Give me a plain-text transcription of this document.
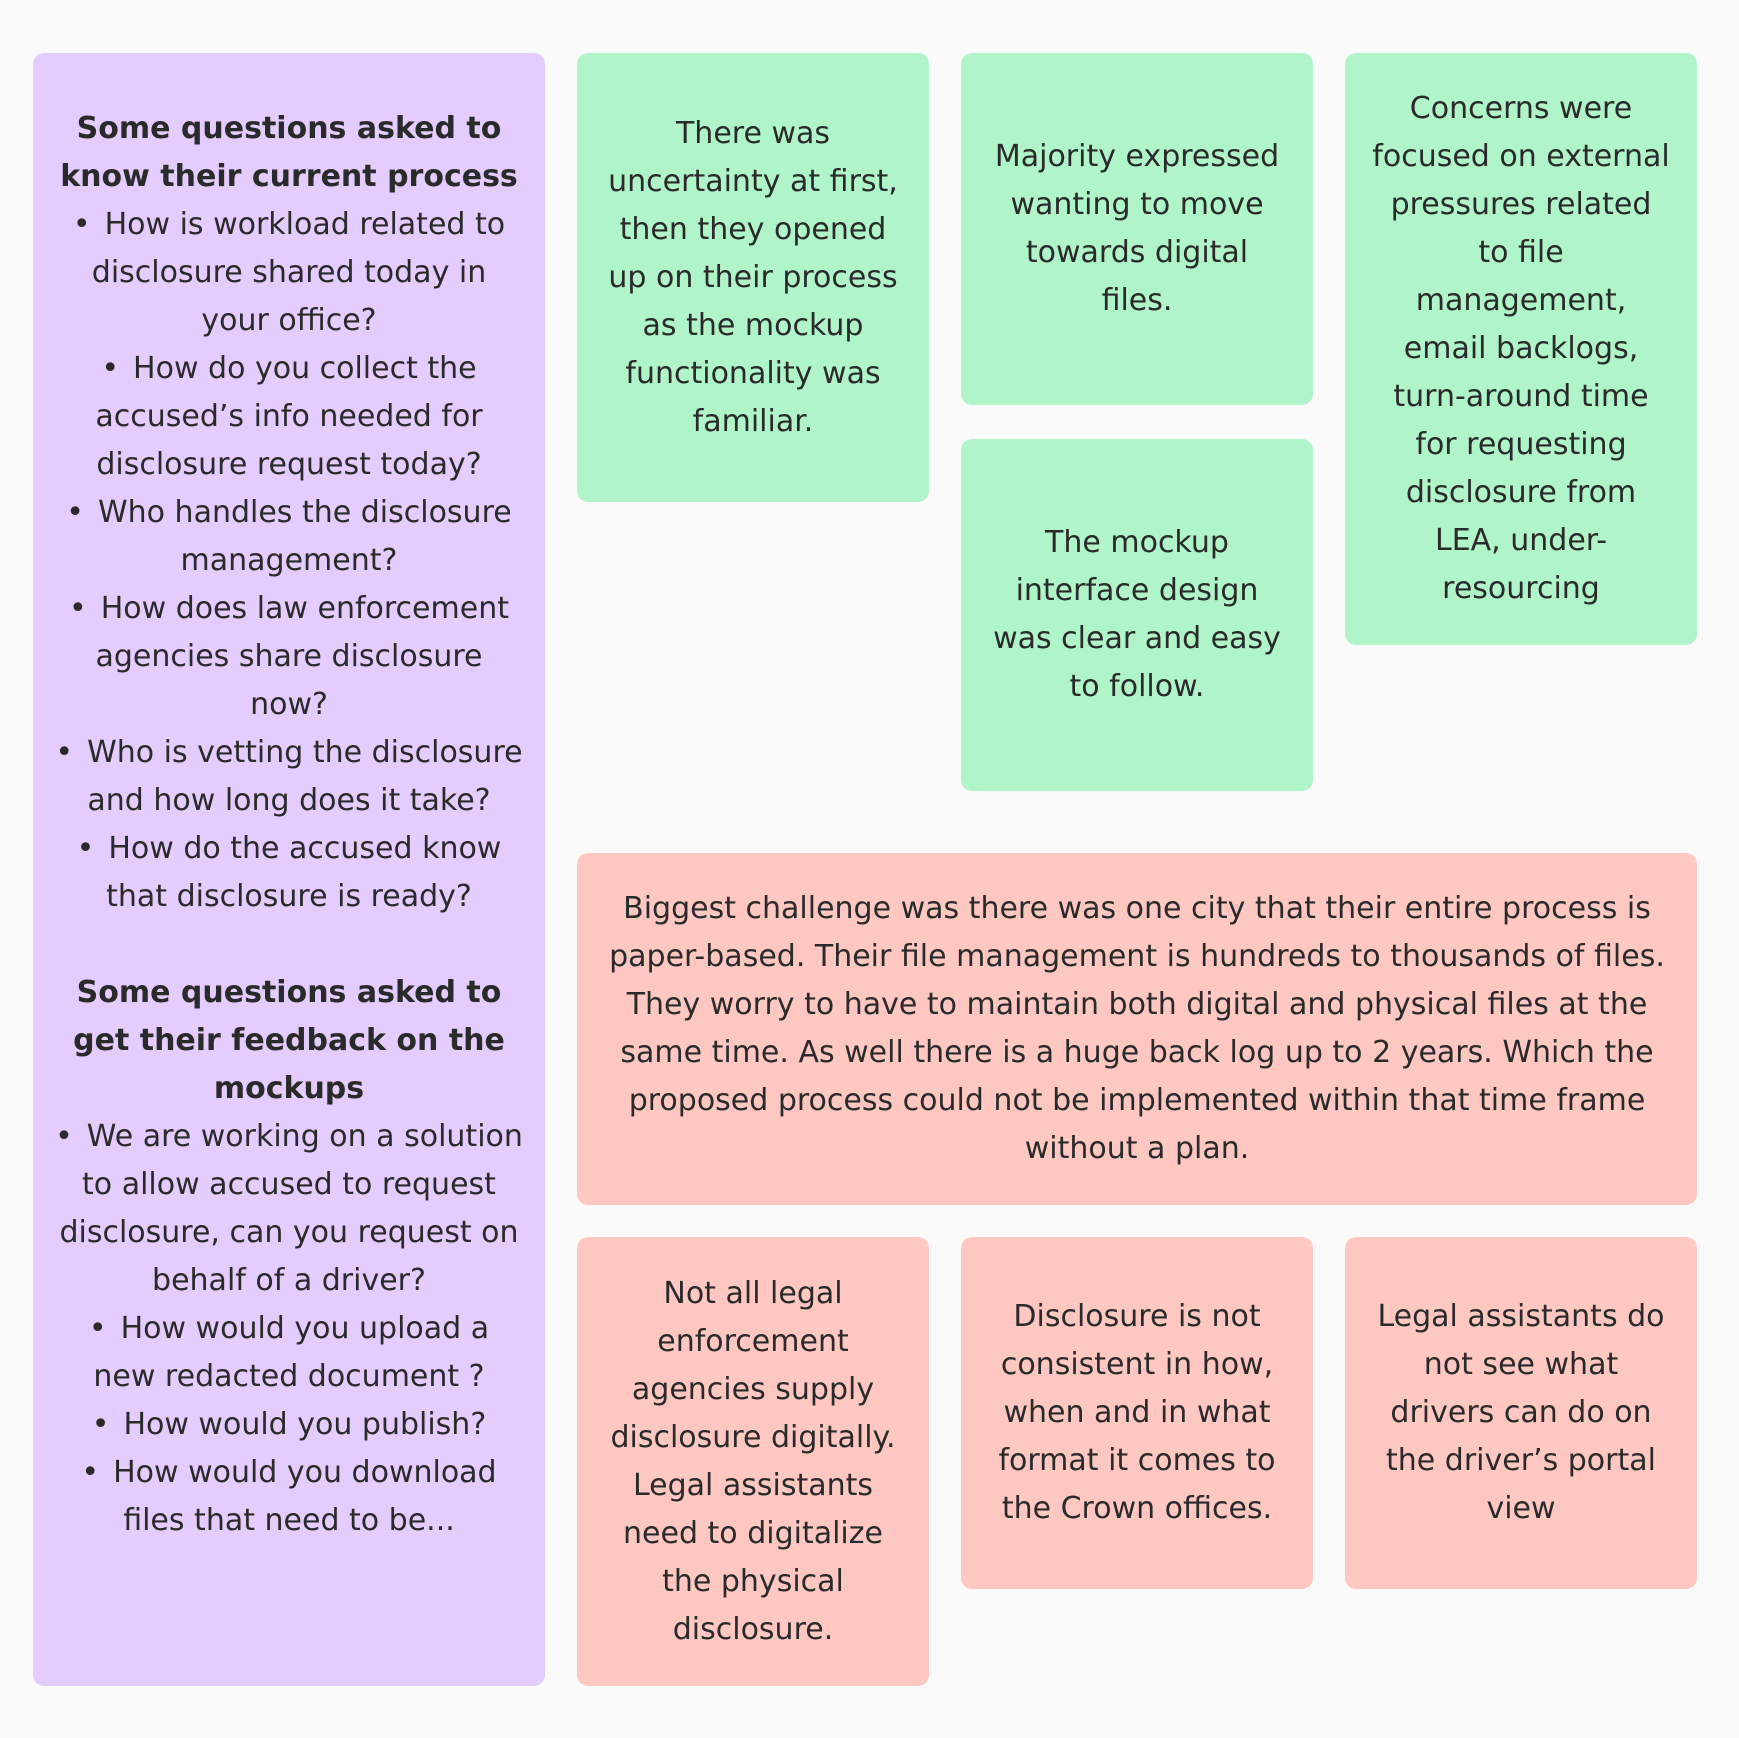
Some questions asked to know their current process
• How is workload related to disclosure shared today in your office?
• How do you collect the accused’s info needed for disclosure request today?
• Who handles the disclosure management?
• How does law enforcement agencies share disclosure now?
• Who is vetting the disclosure and how long does it take?
• How do the accused know that disclosure is ready?
Some questions asked to get their feedback on the mockups
• We are working on a solution to allow accused to request disclosure, can you request on behalf of a driver?
• How would you upload a new redacted document ?
• How would you publish?
• How would you download files that need to be...
There was uncertainty at first, then they opened up on their process as the mockup functionality was familiar.
Majority expressed wanting to move towards digital files.
Concerns were focused on external pressures related to file management, email backlogs, turn-around time for requesting disclosure from LEA, under-resourcing
The mockup interface design was clear and easy to follow.
Biggest challenge was there was one city that their entire process is paper-based. Their file management is hundreds to thousands of files. They worry to have to maintain both digital and physical files at the same time. As well there is a huge back log up to 2 years. Which the proposed process could not be implemented within that time frame without a plan.
Not all legal enforcement agencies supply disclosure digitally. Legal assistants need to digitalize the physical disclosure.
Disclosure is not consistent in how, when and in what format it comes to the Crown offices.
Legal assistants do not see what drivers can do on the driver’s portal view
